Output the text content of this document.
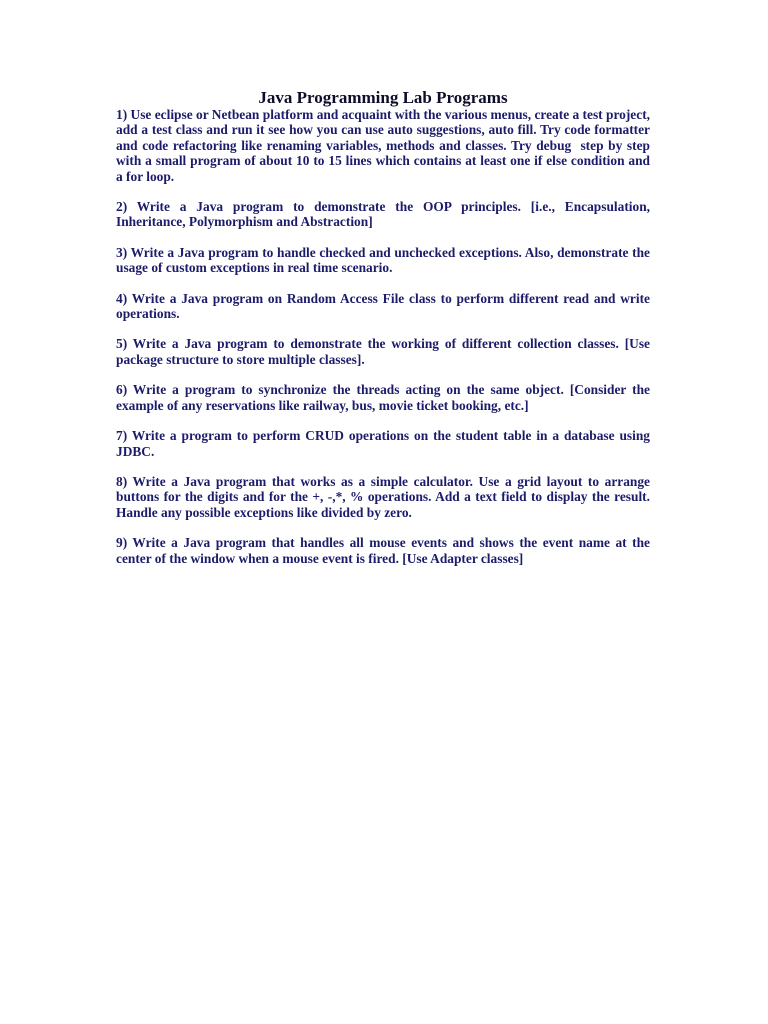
Java Programming Lab Programs

1) Use eclipse or Netbean platform and acquaint with the various menus, create a test project, add a test class and run it see how you can use auto suggestions, auto fill. Try code formatter and code refactoring like renaming variables, methods and classes. Try debug  step by step with a small program of about 10 to 15 lines which contains at least one if else condition and a for loop.

2) Write a Java program to demonstrate the OOP principles. [i.e., Encapsulation, Inheritance, Polymorphism and Abstraction]

3) Write a Java program to handle checked and unchecked exceptions. Also, demonstrate the usage of custom exceptions in real time scenario.

4) Write a Java program on Random Access File class to perform different read and write operations.

5) Write a Java program to demonstrate the working of different collection classes. [Use package structure to store multiple classes].

6) Write a program to synchronize the threads acting on the same object. [Consider the example of any reservations like railway, bus, movie ticket booking, etc.]

7) Write a program to perform CRUD operations on the student table in a database using JDBC.

8) Write a Java program that works as a simple calculator. Use a grid layout to arrange buttons for the digits and for the +, -,*, % operations. Add a text field to display the result. Handle any possible exceptions like divided by zero.

9) Write a Java program that handles all mouse events and shows the event name at the center of the window when a mouse event is fired. [Use Adapter classes]
